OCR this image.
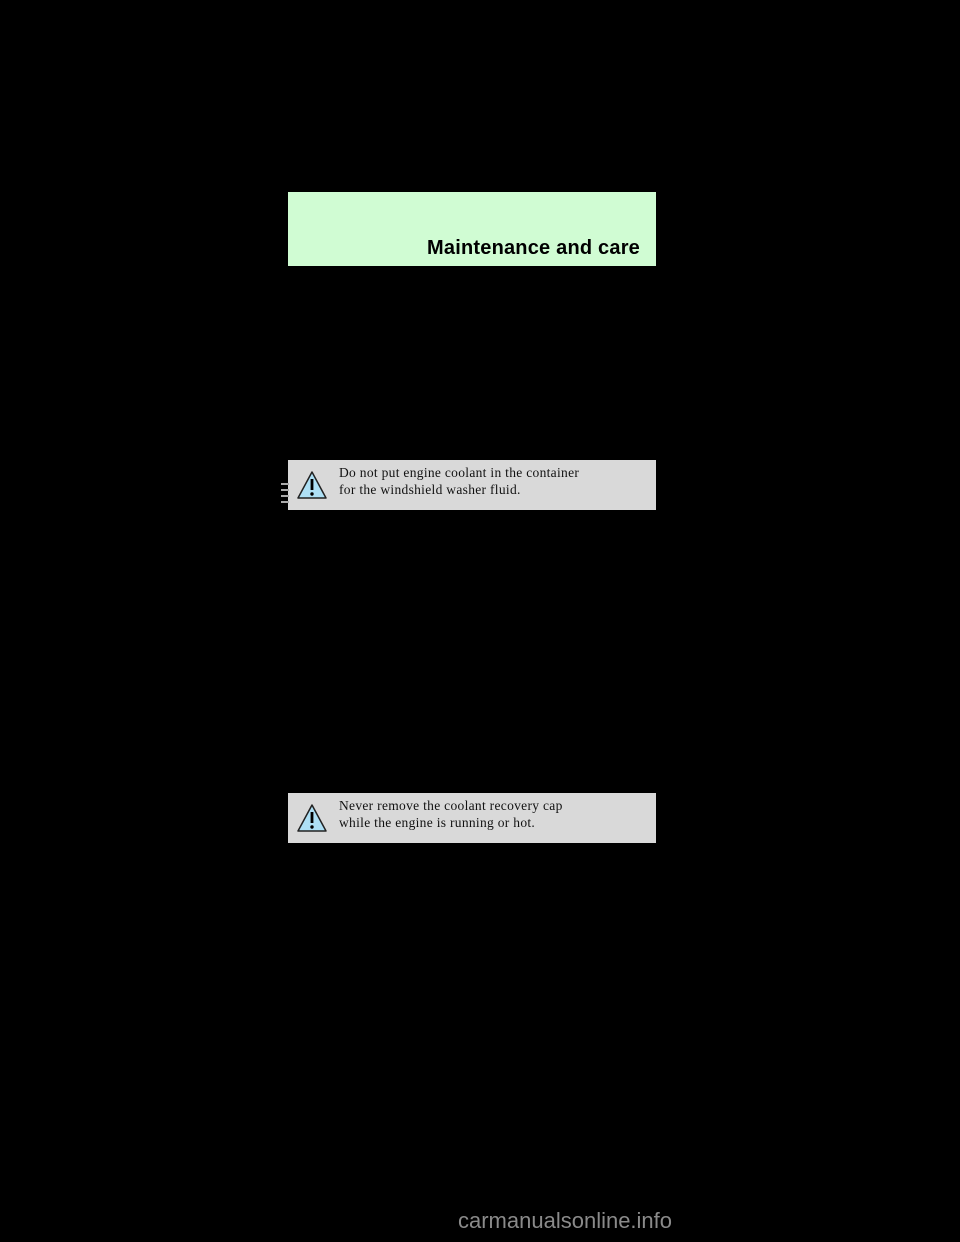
Maintenance and care
Do not put engine coolant in the container
for the windshield washer fluid.
Never remove the coolant recovery cap
while the engine is running or hot.
carmanualsonline.info
